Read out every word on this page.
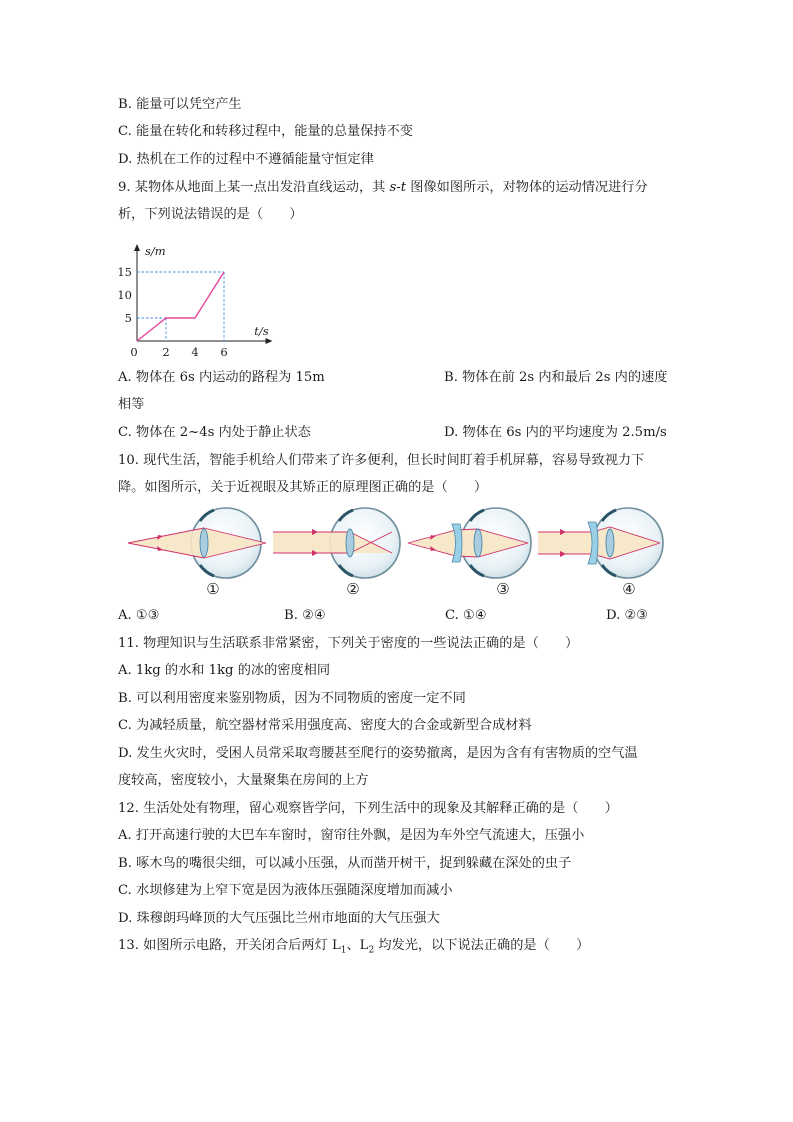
B. 能量可以凭空产生
C. 能量在转化和转移过程中，能量的总量保持不变
D. 热机在工作的过程中不遵循能量守恒定律
9. 某物体从地面上某一点出发沿直线运动，其 s-t 图像如图所示，对物体的运动情况进行分
析，下列说法错误的是（　　）
0 2 4 6
5
10
15
s/m
t/s
A. 物体在 6s 内运动的路程为 15m	B. 物体在前 2s 内和最后 2s 内的速度
相等
C. 物体在 2~4s 内处于静止状态	D. 物体在 6s 内的平均速度为 2.5m/s
10. 现代生活，智能手机给人们带来了许多便利，但长时间盯着手机屏幕，容易导致视力下
降。如图所示，关于近视眼及其矫正的原理图正确的是（　　）
①	②	③	④
A. ①③	B. ②④	C. ①④	D. ②③
11. 物理知识与生活联系非常紧密，下列关于密度的一些说法正确的是（　　）
A. 1kg 的水和 1kg 的冰的密度相同
B. 可以利用密度来鉴别物质，因为不同物质的密度一定不同
C. 为减轻质量，航空器材常采用强度高、密度大的合金或新型合成材料
D. 发生火灾时，受困人员常采取弯腰甚至爬行的姿势撤离，是因为含有有害物质的空气温
度较高，密度较小，大量聚集在房间的上方
12. 生活处处有物理，留心观察皆学问，下列生活中的现象及其解释正确的是（　　）
A. 打开高速行驶的大巴车车窗时，窗帘往外飘，是因为车外空气流速大，压强小
B. 啄木鸟的嘴很尖细，可以减小压强，从而凿开树干，捉到躲藏在深处的虫子
C. 水坝修建为上窄下宽是因为液体压强随深度增加而减小
D. 珠穆朗玛峰顶的大气压强比兰州市地面的大气压强大
13. 如图所示电路，开关闭合后两灯 $L_1$、$L_2$ 均发光，以下说法正确的是（　　）
